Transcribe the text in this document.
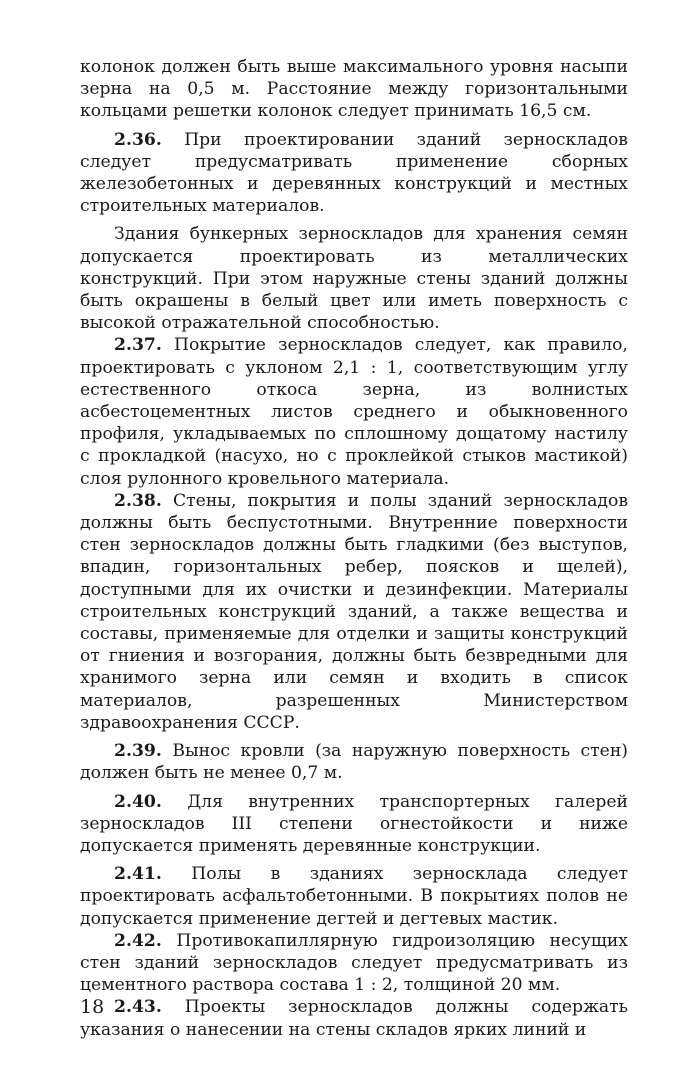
колонок должен быть выше максимального уровня насыпи зерна на 0,5 м. Расстояние между горизонтальными кольцами решетки колонок следует принимать 16,5 см.

2.36. При проектировании зданий зерноскладов следует предусматривать применение сборных железобетонных и деревянных конструкций и местных строительных материалов.

Здания бункерных зерноскладов для хранения семян допускается проектировать из металлических конструкций. При этом наружные стены зданий должны быть окрашены в белый цвет или иметь поверхность с высокой отражательной способностью.

2.37. Покрытие зерноскладов следует, как правило, проектировать с уклоном 2,1 : 1, соответствующим углу естественного откоса зерна, из волнистых асбестоцементных листов среднего и обыкновенного профиля, укладываемых по сплошному дощатому настилу с прокладкой (насухо, но с проклейкой стыков мастикой) слоя рулонного кровельного материала.

2.38. Стены, покрытия и полы зданий зерноскладов должны быть беспустотными. Внутренние поверхности стен зерноскладов должны быть гладкими (без выступов, впадин, горизонтальных ребер, поясков и щелей), доступными для их очистки и дезинфекции. Материалы строительных конструкций зданий, а также вещества и составы, применяемые для отделки и защиты конструкций от гниения и возгорания, должны быть безвредными для хранимого зерна или семян и входить в список материалов, разрешенных Министерством здравоохранения СССР.

2.39. Вынос кровли (за наружную поверхность стен) должен быть не менее 0,7 м.

2.40. Для внутренних транспортерных галерей зерноскладов III степени огнестойкости и ниже допускается применять деревянные конструкции.

2.41. Полы в зданиях зерносклада следует проектировать асфальтобетонными. В покрытиях полов не допускается применение дегтей и дегтевых мастик.

2.42. Противокапиллярную гидроизоляцию несущих стен зданий зерноскладов следует предусматривать из цементного раствора состава 1 : 2, толщиной 20 мм.

2.43. Проекты зерноскладов должны содержать указания о нанесении на стены складов ярких линий и

18
